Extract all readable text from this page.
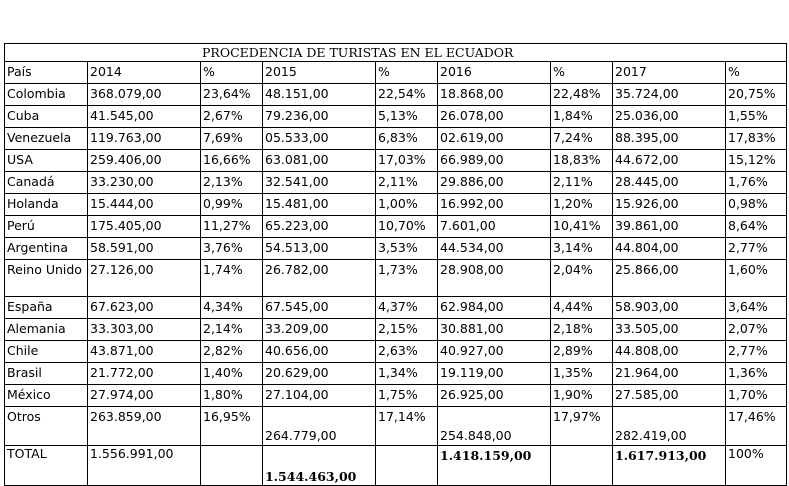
PROCEDENCIA DE TURISTAS EN EL ECUADOR								
País	2014	%	2015	%	2016	%	2017	%
Colombia	368.079,00	23,64%	48.151,00	22,54%	18.868,00	22,48%	35.724,00	20,75%
Cuba	41.545,00	2,67%	79.236,00	5,13%	26.078,00	1,84%	25.036,00	1,55%
Venezuela	119.763,00	7,69%	05.533,00	6,83%	02.619,00	7,24%	88.395,00	17,83%
USA	259.406,00	16,66%	63.081,00	17,03%	66.989,00	18,83%	44.672,00	15,12%
Canadá	33.230,00	2,13%	32.541,00	2,11%	29.886,00	2,11%	28.445,00	1,76%
Holanda	15.444,00	0,99%	15.481,00	1,00%	16.992,00	1,20%	15.926,00	0,98%
Perú	175.405,00	11,27%	65.223,00	10,70%	7.601,00	10,41%	39.861,00	8,64%
Argentina	58.591,00	3,76%	54.513,00	3,53%	44.534,00	3,14%	44.804,00	2,77%
Reino Unido	27.126,00	1,74%	26.782,00	1,73%	28.908,00	2,04%	25.866,00	1,60%
España	67.623,00	4,34%	67.545,00	4,37%	62.984,00	4,44%	58.903,00	3,64%
Alemania	33.303,00	2,14%	33.209,00	2,15%	30.881,00	2,18%	33.505,00	2,07%
Chile	43.871,00	2,82%	40.656,00	2,63%	40.927,00	2,89%	44.808,00	2,77%
Brasil	21.772,00	1,40%	20.629,00	1,34%	19.119,00	1,35%	21.964,00	1,36%
México	27.974,00	1,80%	27.104,00	1,75%	26.925,00	1,90%	27.585,00	1,70%
Otros	263.859,00	16,95%	264.779,00	17,14%	254.848,00	17,97%	282.419,00	17,46%
TOTAL	1.556.991,00		1.544.463,00		1.418.159,00		1.617.913,00	100%
